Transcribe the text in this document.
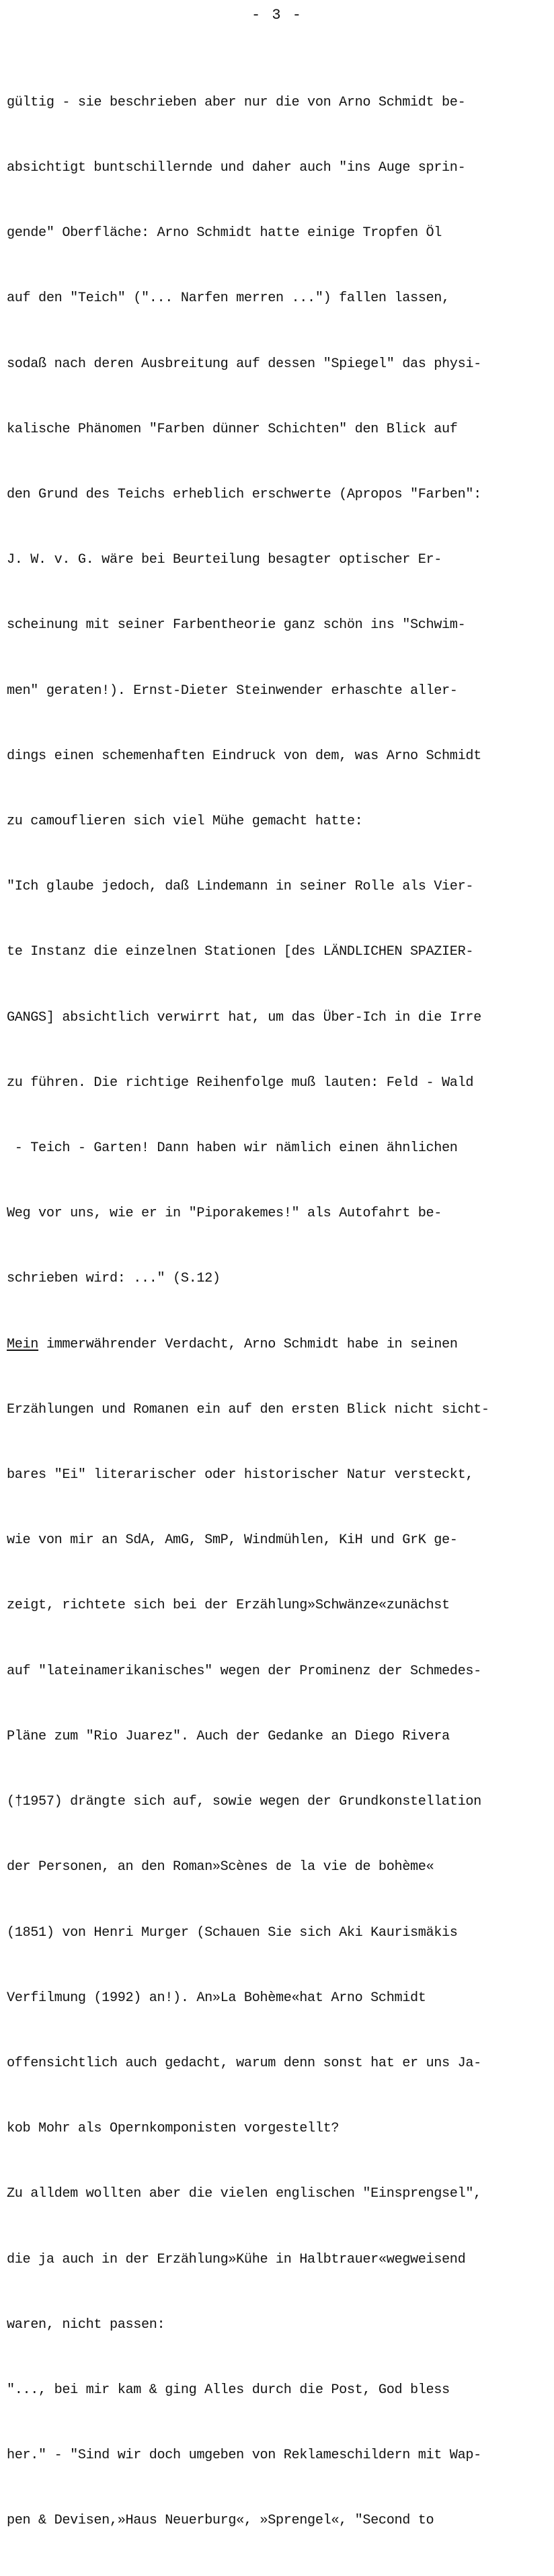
- 3 -

gültig - sie beschrieben aber nur die von Arno Schmidt be-

absichtigt buntschillernde und daher auch "ins Auge sprin-

gende" Oberfläche: Arno Schmidt hatte einige Tropfen Öl

auf den "Teich" ("... Narfen merren ...") fallen lassen,

sodaß nach deren Ausbreitung auf dessen "Spiegel" das physi-

kalische Phänomen "Farben dünner Schichten" den Blick auf

den Grund des Teichs erheblich erschwerte (Apropos "Farben":

J. W. v. G. wäre bei Beurteilung besagter optischer Er-

scheinung mit seiner Farbentheorie ganz schön ins "Schwim-

men" geraten!). Ernst-Dieter Steinwender erhaschte aller-

dings einen schemenhaften Eindruck von dem, was Arno Schmidt

zu camouflieren sich viel Mühe gemacht hatte:

"Ich glaube jedoch, daß Lindemann in seiner Rolle als Vier-

te Instanz die einzelnen Stationen [des LÄNDLICHEN SPAZIER-

GANGS] absichtlich verwirrt hat, um das Über-Ich in die Irre

zu führen. Die richtige Reihenfolge muß lauten: Feld - Wald

- Teich - Garten! Dann haben wir nämlich einen ähnlichen

Weg vor uns, wie er in "Piporakemes!" als Autofahrt be-

schrieben wird: ..." (S.12)

Mein immerwährender Verdacht, Arno Schmidt habe in seinen

Erzählungen und Romanen ein auf den ersten Blick nicht sicht-

bares "Ei" literarischer oder historischer Natur versteckt,

wie von mir an SdA, AmG, SmP, Windmühlen, KiH und GrK ge-

zeigt, richtete sich bei der Erzählung»Schwänze«zunächst

auf "lateinamerikanisches" wegen der Prominenz der Schmedes-

Pläne zum "Rio Juarez". Auch der Gedanke an Diego Rivera

(†1957) drängte sich auf, sowie wegen der Grundkonstellation

der Personen, an den Roman»Scènes de la vie de bohème«

(1851) von Henri Murger (Schauen Sie sich Aki Kaurismäkis

Verfilmung (1992) an!). An»La Bohème«hat Arno Schmidt

offensichtlich auch gedacht, warum denn sonst hat er uns Ja-

kob Mohr als Opernkomponisten vorgestellt?

Zu alldem wollten aber die vielen englischen "Einsprengsel",

die ja auch in der Erzählung»Kühe in Halbtrauer«wegweisend

waren, nicht passen:

"..., bei mir kam & ging Alles durch die Post, God bless

her." - "Sind wir doch umgeben von Reklameschildern mit Wap-

pen & Devisen,»Haus Neuerburg«, »Sprengel«, "Second to
